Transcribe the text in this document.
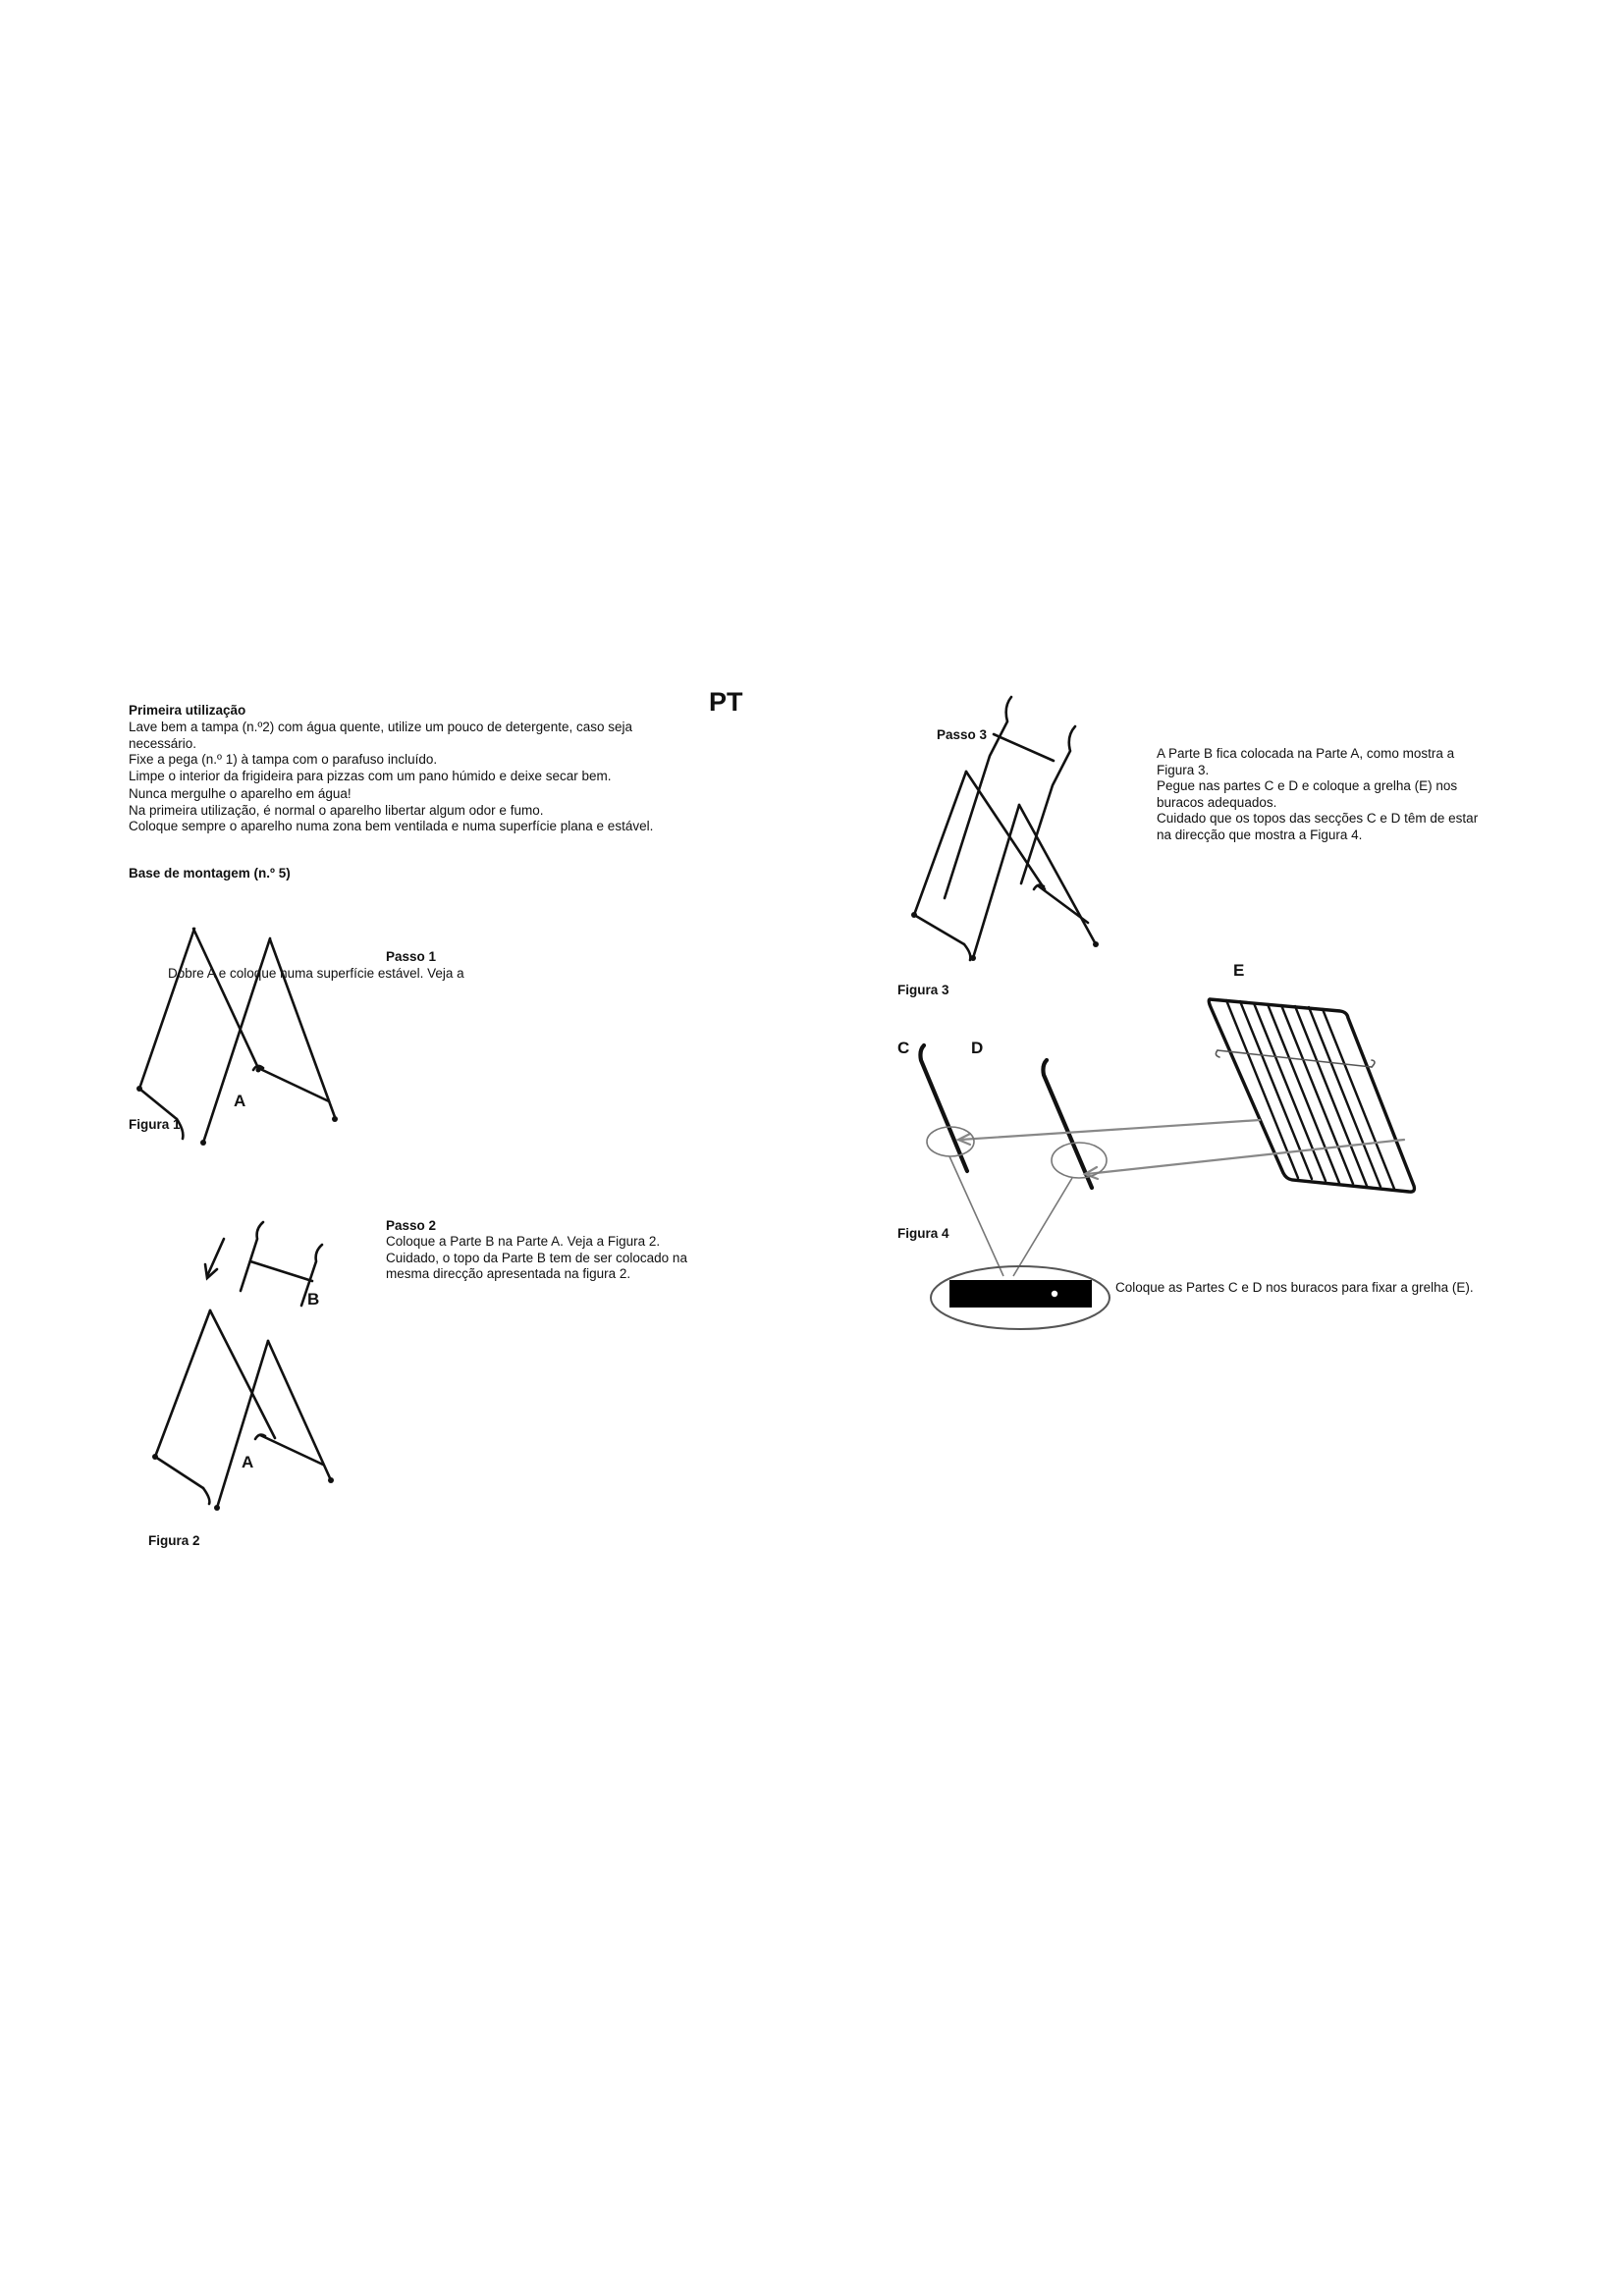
PT
Primeira utilização
Lave bem a tampa (n.º2) com água quente, utilize um pouco de detergente, caso seja
necessário.
Fixe a pega (n.º 1) à tampa com o parafuso incluído.
Limpe o interior da frigideira para pizzas com um pano húmido e deixe secar bem.
Nunca mergulhe o aparelho em água!
Na primeira utilização, é normal o aparelho libertar algum odor e fumo.
Coloque sempre o aparelho numa zona bem ventilada e numa superfície plana e estável.
Base de montagem (n.º 5)
Passo 1
Dobre A e coloque numa superfície estável. Veja a
A
Figura 1
Passo 2
Coloque a Parte B na Parte A. Veja a Figura 2.
Cuidado, o topo da Parte B tem de ser colocado na
mesma direcção apresentada na figura 2.
B
A
Figura 2
Passo 3
A Parte B fica colocada na Parte A, como mostra a
Figura 3.
Pegue nas partes C e D e coloque a grelha (E) nos
buracos adequados.
Cuidado que os topos das secções C e D têm de estar
na direcção que mostra a Figura 4.
Figura 3
E
C	D
Figura 4
Coloque as Partes C e D nos buracos para fixar a grelha (E).
